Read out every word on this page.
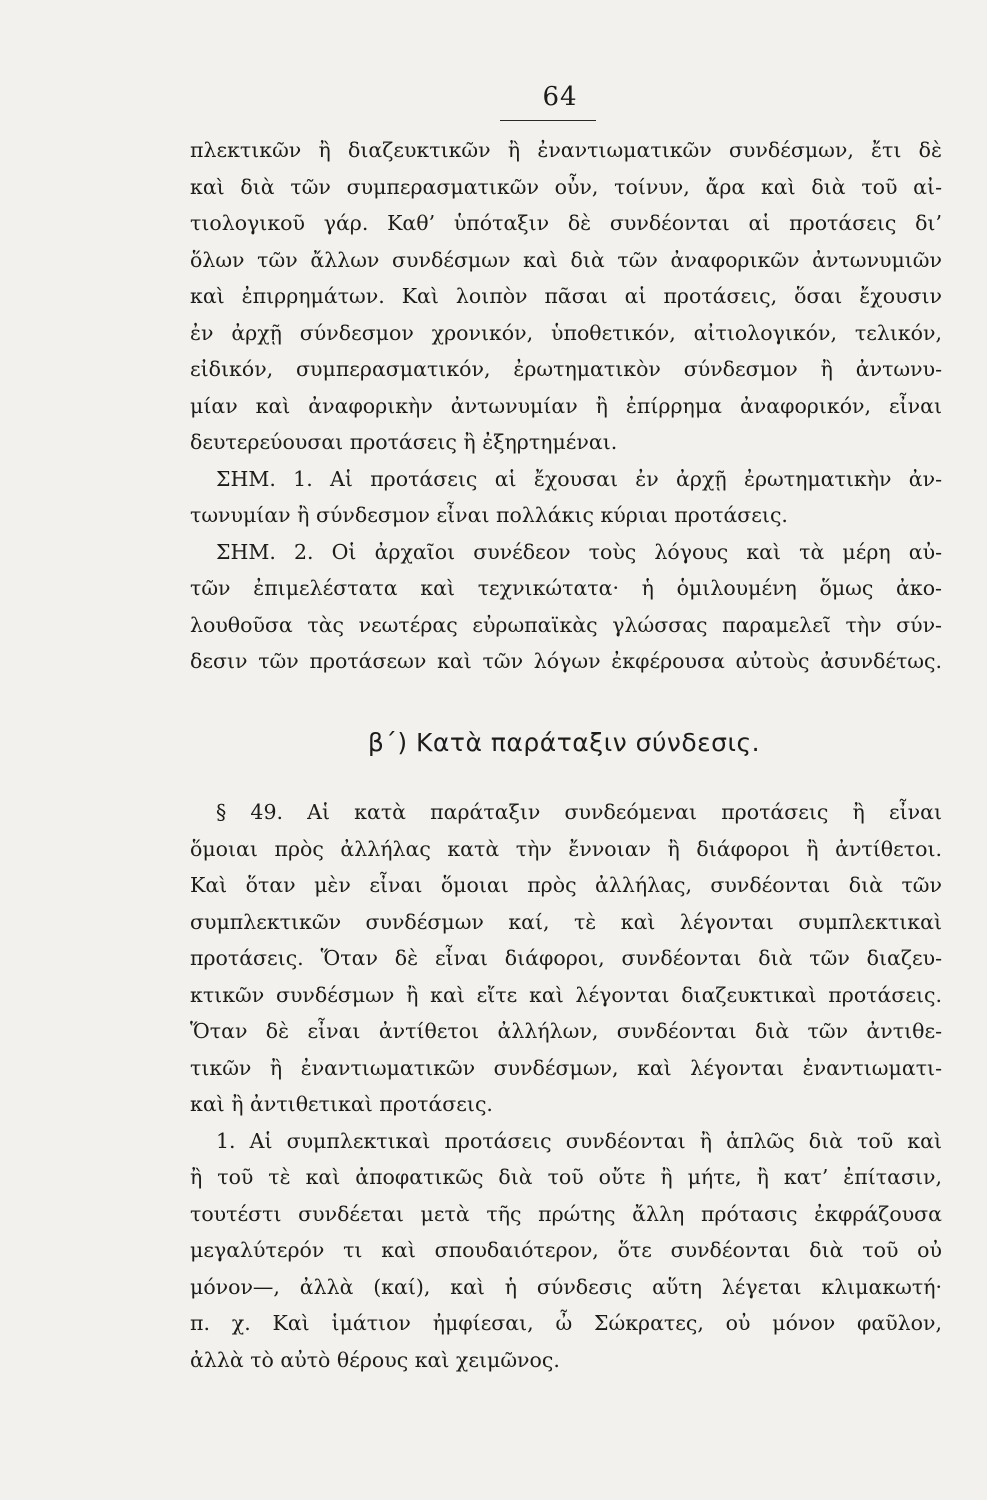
64
πλεκτικῶν ἢ διαζευκτικῶν ἢ ἐναντιωματικῶν συνδέσμων, ἔτι δὲ
καὶ διὰ τῶν συμπερασματικῶν οὖν, τοίνυν, ἄρα καὶ διὰ τοῦ αἰ-
τιολογικοῦ γάρ. Καθ’ ὑπόταξιν δὲ συνδέονται αἱ προτάσεις δι’
ὅλων τῶν ἄλλων συνδέσμων καὶ διὰ τῶν ἀναφορικῶν ἀντωνυμιῶν
καὶ ἐπιρρημάτων. Καὶ λοιπὸν πᾶσαι αἱ προτάσεις, ὅσαι ἔχουσιν
ἐν ἀρχῇ σύνδεσμον χρονικόν, ὑποθετικόν, αἰτιολογικόν, τελικόν,
εἰδικόν, συμπερασματικόν, ἐρωτηματικὸν σύνδεσμον ἢ ἀντωνυ-
μίαν καὶ ἀναφορικὴν ἀντωνυμίαν ἢ ἐπίρρημα ἀναφορικόν, εἶναι
δευτερεύουσαι προτάσεις ἢ ἐξηρτημέναι.
ΣΗΜ. 1. Αἱ προτάσεις αἱ ἔχουσαι ἐν ἀρχῇ ἐρωτηματικὴν ἀν-
τωνυμίαν ἢ σύνδεσμον εἶναι πολλάκις κύριαι προτάσεις.
ΣΗΜ. 2. Οἱ ἀρχαῖοι συνέδεον τοὺς λόγους καὶ τὰ μέρη αὐ-
τῶν ἐπιμελέστατα καὶ τεχνικώτατα· ἡ ὁμιλουμένη ὅμως ἀκο-
λουθοῦσα τὰς νεωτέρας εὐρωπαϊκὰς γλώσσας παραμελεῖ τὴν σύν-
δεσιν τῶν προτάσεων καὶ τῶν λόγων ἐκφέρουσα αὐτοὺς ἀσυνδέτως.
β΄) Κατὰ παράταξιν σύνδεσις.
§ 49. Αἱ κατὰ παράταξιν συνδεόμεναι προτάσεις ἢ εἶναι
ὅμοιαι πρὸς ἀλλήλας κατὰ τὴν ἔννοιαν ἢ διάφοροι ἢ ἀντίθετοι.
Καὶ ὅταν μὲν εἶναι ὅμοιαι πρὸς ἀλλήλας, συνδέονται διὰ τῶν
συμπλεκτικῶν συνδέσμων καί, τὲ καὶ λέγονται συμπλεκτικαὶ
προτάσεις. Ὅταν δὲ εἶναι διάφοροι, συνδέονται διὰ τῶν διαζευ-
κτικῶν συνδέσμων ἢ καὶ εἴτε καὶ λέγονται διαζευκτικαὶ προτάσεις.
Ὅταν δὲ εἶναι ἀντίθετοι ἀλλήλων, συνδέονται διὰ τῶν ἀντιθε-
τικῶν ἢ ἐναντιωματικῶν συνδέσμων, καὶ λέγονται ἐναντιωματι-
καὶ ἢ ἀντιθετικαὶ προτάσεις.
1. Αἱ συμπλεκτικαὶ προτάσεις συνδέονται ἢ ἁπλῶς διὰ τοῦ καὶ
ἢ τοῦ τὲ καὶ ἀποφατικῶς διὰ τοῦ οὔτε ἢ μήτε, ἢ κατ’ ἐπίτασιν,
τουτέστι συνδέεται μετὰ τῆς πρώτης ἄλλη πρότασις ἐκφράζουσα
μεγαλύτερόν τι καὶ σπουδαιότερον, ὅτε συνδέονται διὰ τοῦ οὐ
μόνον—, ἀλλὰ (καί), καὶ ἡ σύνδεσις αὕτη λέγεται κλιμακωτή·
π. χ. Καὶ ἱμάτιον ἠμφίεσαι, ὦ Σώκρατες, οὐ μόνον φαῦλον,
ἀλλὰ τὸ αὐτὸ θέρους καὶ χειμῶνος.
